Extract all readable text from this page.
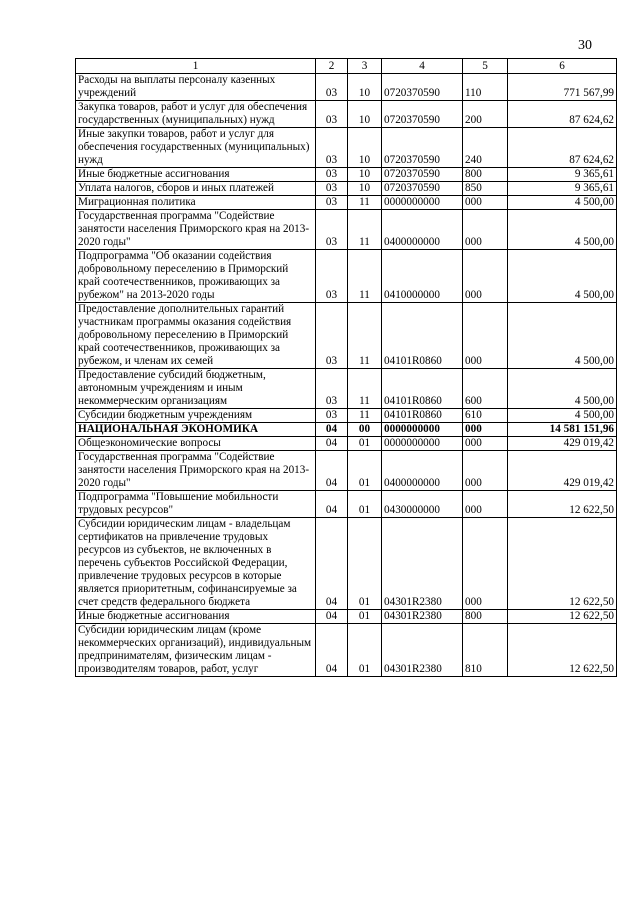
30
1	2	3	4	5	6
Расходы на выплаты персоналу казенных учреждений	03	10	0720370590	110	771 567,99
Закупка товаров, работ и услуг для обеспечения государственных (муниципальных) нужд	03	10	0720370590	200	87 624,62
Иные закупки товаров, работ и услуг для обеспечения государственных (муниципальных) нужд	03	10	0720370590	240	87 624,62
Иные бюджетные ассигнования	03	10	0720370590	800	9 365,61
Уплата налогов, сборов и иных платежей	03	10	0720370590	850	9 365,61
Миграционная политика	03	11	0000000000	000	4 500,00
Государственная программа "Содействие занятости населения Приморского края на 2013-2020 годы"	03	11	0400000000	000	4 500,00
Подпрограмма "Об оказании содействия добровольному переселению в Приморский край соотечественников, проживающих за рубежом" на 2013-2020 годы	03	11	0410000000	000	4 500,00
Предоставление дополнительных гарантий участникам программы оказания содействия добровольному переселению в Приморский край соотечественников, проживающих за рубежом, и членам их семей	03	11	04101R0860	000	4 500,00
Предоставление субсидий бюджетным, автономным учреждениям и иным некоммерческим организациям	03	11	04101R0860	600	4 500,00
Субсидии бюджетным учреждениям	03	11	04101R0860	610	4 500,00
НАЦИОНАЛЬНАЯ ЭКОНОМИКА	04	00	0000000000	000	14 581 151,96
Общеэкономические вопросы	04	01	0000000000	000	429 019,42
Государственная программа "Содействие занятости населения Приморского края на 2013-2020 годы"	04	01	0400000000	000	429 019,42
Подпрограмма "Повышение мобильности трудовых ресурсов"	04	01	0430000000	000	12 622,50
Субсидии юридическим лицам - владельцам сертификатов на привлечение трудовых ресурсов из субъектов, не включенных в перечень субъектов Российской Федерации, привлечение трудовых ресурсов в которые является приоритетным, софинансируемые за счет средств федерального бюджета	04	01	04301R2380	000	12 622,50
Иные бюджетные ассигнования	04	01	04301R2380	800	12 622,50
Субсидии юридическим лицам (кроме некоммерческих организаций), индивидуальным предпринимателям, физическим лицам - производителям товаров, работ, услуг	04	01	04301R2380	810	12 622,50
